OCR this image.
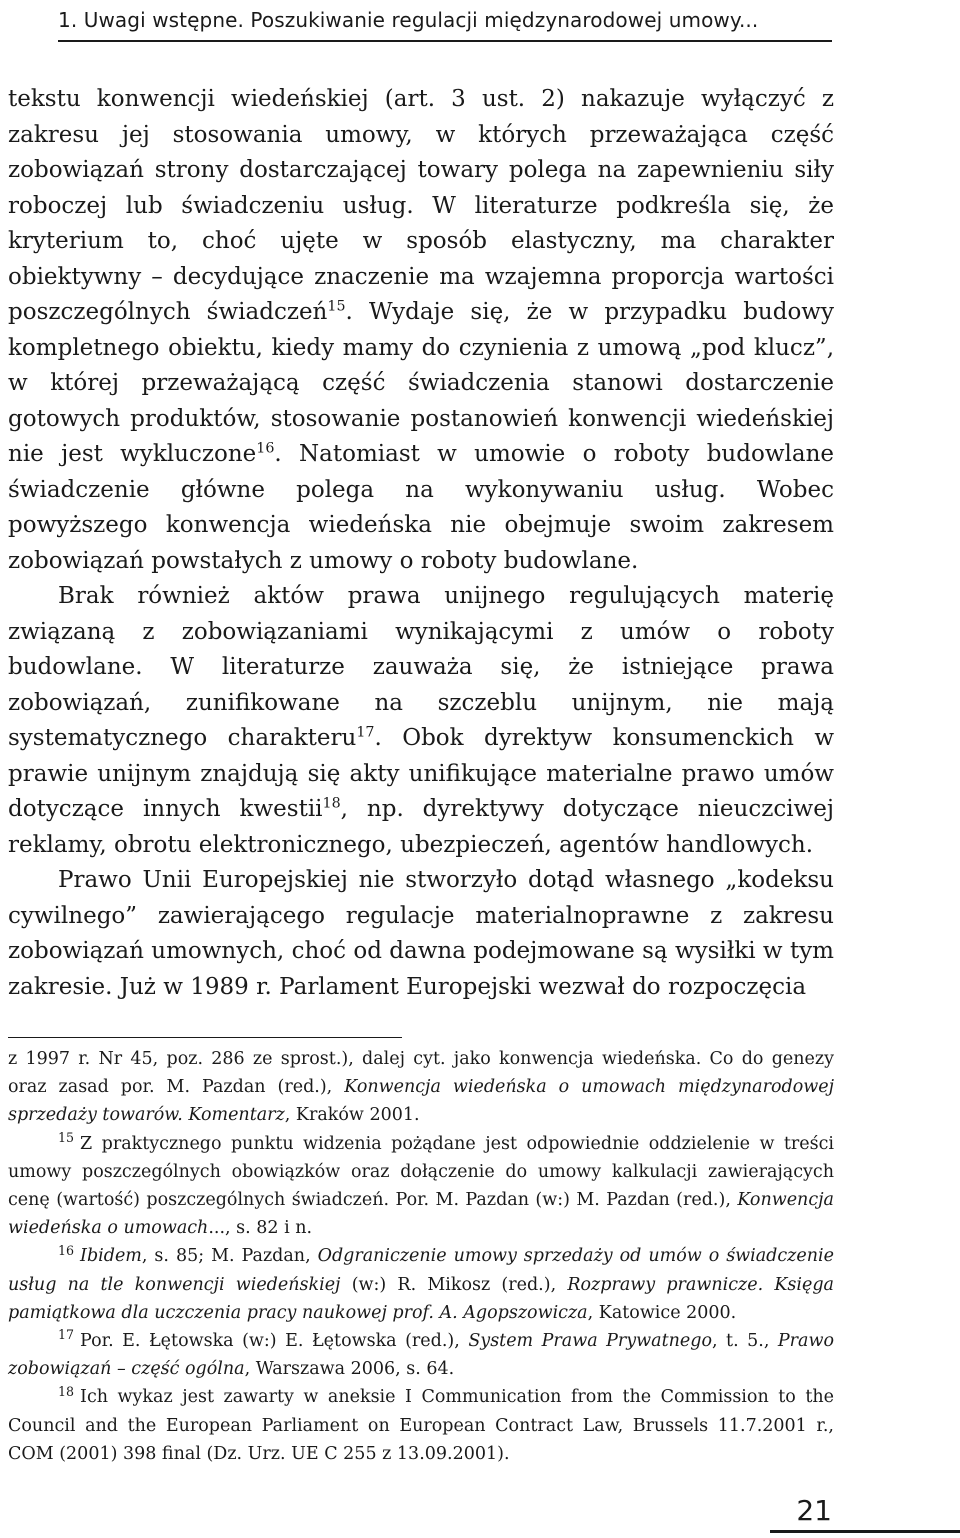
1. Uwagi wstępne. Poszukiwanie regulacji międzynarodowej umowy...

tekstu konwencji wiedeńskiej (art. 3 ust. 2) nakazuje wyłączyć z zakresu jej stosowania umowy, w których przeważająca część zobowiązań strony dostarczającej towary polega na zapewnieniu siły roboczej lub świadczeniu usług. W literaturze podkreśla się, że kryterium to, choć ujęte w sposób elastyczny, ma charakter obiektywny – decydujące znaczenie ma wzajemna proporcja wartości poszczególnych świadczeń$^{15}$. Wydaje się, że w przypadku budowy kompletnego obiektu, kiedy mamy do czynienia z umową „pod klucz”, w której przeważającą część świadczenia stanowi dostarczenie gotowych produktów, stosowanie postanowień konwencji wiedeńskiej nie jest wykluczone$^{16}$. Natomiast w umowie o roboty budowlane świadczenie główne polega na wykonywaniu usług. Wobec powyższego konwencja wiedeńska nie obejmuje swoim zakresem zobowiązań powstałych z umowy o roboty budowlane.

Brak również aktów prawa unijnego regulujących materię związaną z zobowiązaniami wynikającymi z umów o roboty budowlane. W literaturze zauważa się, że istniejące prawa zobowiązań, zunifikowane na szczeblu unijnym, nie mają systematycznego charakteru$^{17}$. Obok dyrektyw konsumenckich w prawie unijnym znajdują się akty unifikujące materialne prawo umów dotyczące innych kwestii$^{18}$, np. dyrektywy dotyczące nieuczciwej reklamy, obrotu elektronicznego, ubezpieczeń, agentów handlowych.

Prawo Unii Europejskiej nie stworzyło dotąd własnego „kodeksu cywilnego” zawierającego regulacje materialnoprawne z zakresu zobowiązań umownych, choć od dawna podejmowane są wysiłki w tym zakresie. Już w 1989 r. Parlament Europejski wezwał do rozpoczęcia

z 1997 r. Nr 45, poz. 286 ze sprost.), dalej cyt. jako konwencja wiedeńska. Co do genezy oraz zasad por. M. Pazdan (red.), Konwencja wiedeńska o umowach międzynarodowej sprzedaży towarów. Komentarz, Kraków 2001.

$^{15}$ Z praktycznego punktu widzenia pożądane jest odpowiednie oddzielenie w treści umowy poszczególnych obowiązków oraz dołączenie do umowy kalkulacji zawierających cenę (wartość) poszczególnych świadczeń. Por. M. Pazdan (w:) M. Pazdan (red.), Konwencja wiedeńska o umowach..., s. 82 i n.

$^{16}$ Ibidem, s. 85; M. Pazdan, Odgraniczenie umowy sprzedaży od umów o świadczenie usług na tle konwencji wiedeńskiej (w:) R. Mikosz (red.), Rozprawy prawnicze. Księga pamiątkowa dla uczczenia pracy naukowej prof. A. Agopszowicza, Katowice 2000.

$^{17}$ Por. E. Łętowska (w:) E. Łętowska (red.), System Prawa Prywatnego, t. 5., Prawo zobowiązań – część ogólna, Warszawa 2006, s. 64.

$^{18}$ Ich wykaz jest zawarty w aneksie I Communication from the Commission to the Council and the European Parliament on European Contract Law, Brussels 11.7.2001 r., COM (2001) 398 final (Dz. Urz. UE C 255 z 13.09.2001).

21
